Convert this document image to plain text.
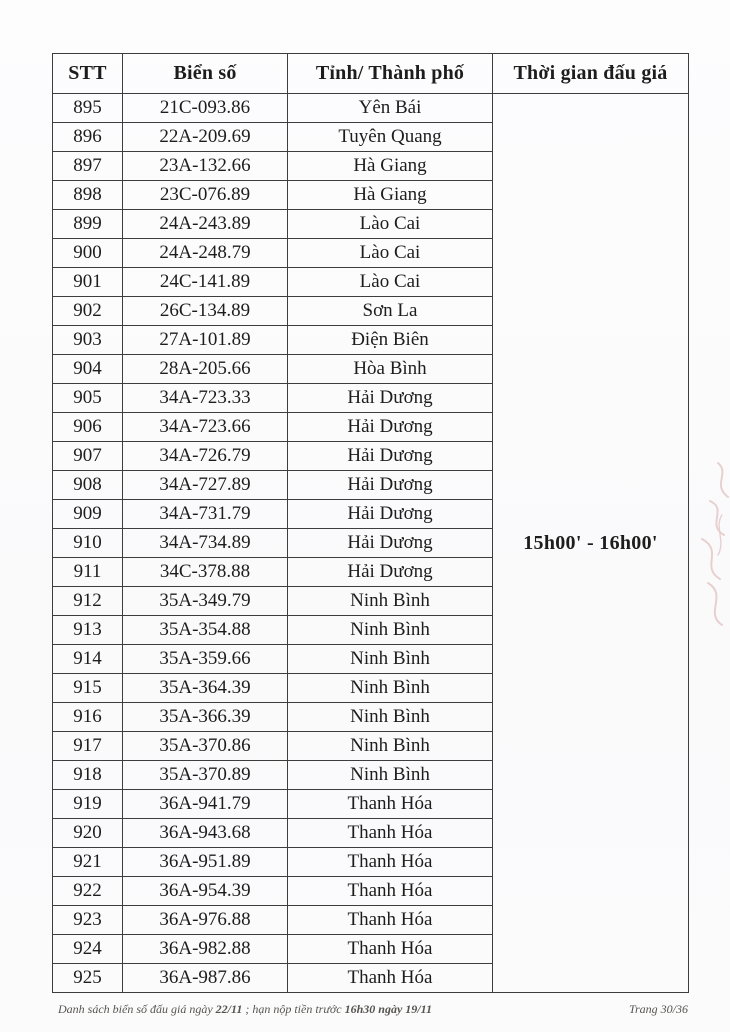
STT	Biển số	Tỉnh/ Thành phố	Thời gian đấu giá
895	21C-093.86	Yên Bái	15h00' - 16h00'
896	22A-209.69	Tuyên Quang	
897	23A-132.66	Hà Giang	
898	23C-076.89	Hà Giang	
899	24A-243.89	Lào Cai	
900	24A-248.79	Lào Cai	
901	24C-141.89	Lào Cai	
902	26C-134.89	Sơn La	
903	27A-101.89	Điện Biên	
904	28A-205.66	Hòa Bình	
905	34A-723.33	Hải Dương	
906	34A-723.66	Hải Dương	
907	34A-726.79	Hải Dương	
908	34A-727.89	Hải Dương	
909	34A-731.79	Hải Dương	
910	34A-734.89	Hải Dương	
911	34C-378.88	Hải Dương	
912	35A-349.79	Ninh Bình	
913	35A-354.88	Ninh Bình	
914	35A-359.66	Ninh Bình	
915	35A-364.39	Ninh Bình	
916	35A-366.39	Ninh Bình	
917	35A-370.86	Ninh Bình	
918	35A-370.89	Ninh Bình	
919	36A-941.79	Thanh Hóa	
920	36A-943.68	Thanh Hóa	
921	36A-951.89	Thanh Hóa	
922	36A-954.39	Thanh Hóa	
923	36A-976.88	Thanh Hóa	
924	36A-982.88	Thanh Hóa	
925	36A-987.86	Thanh Hóa	
Danh sách biển số đấu giá ngày 22/11 ; hạn nộp tiền trước 16h30 ngày 19/11	Trang 30/36
